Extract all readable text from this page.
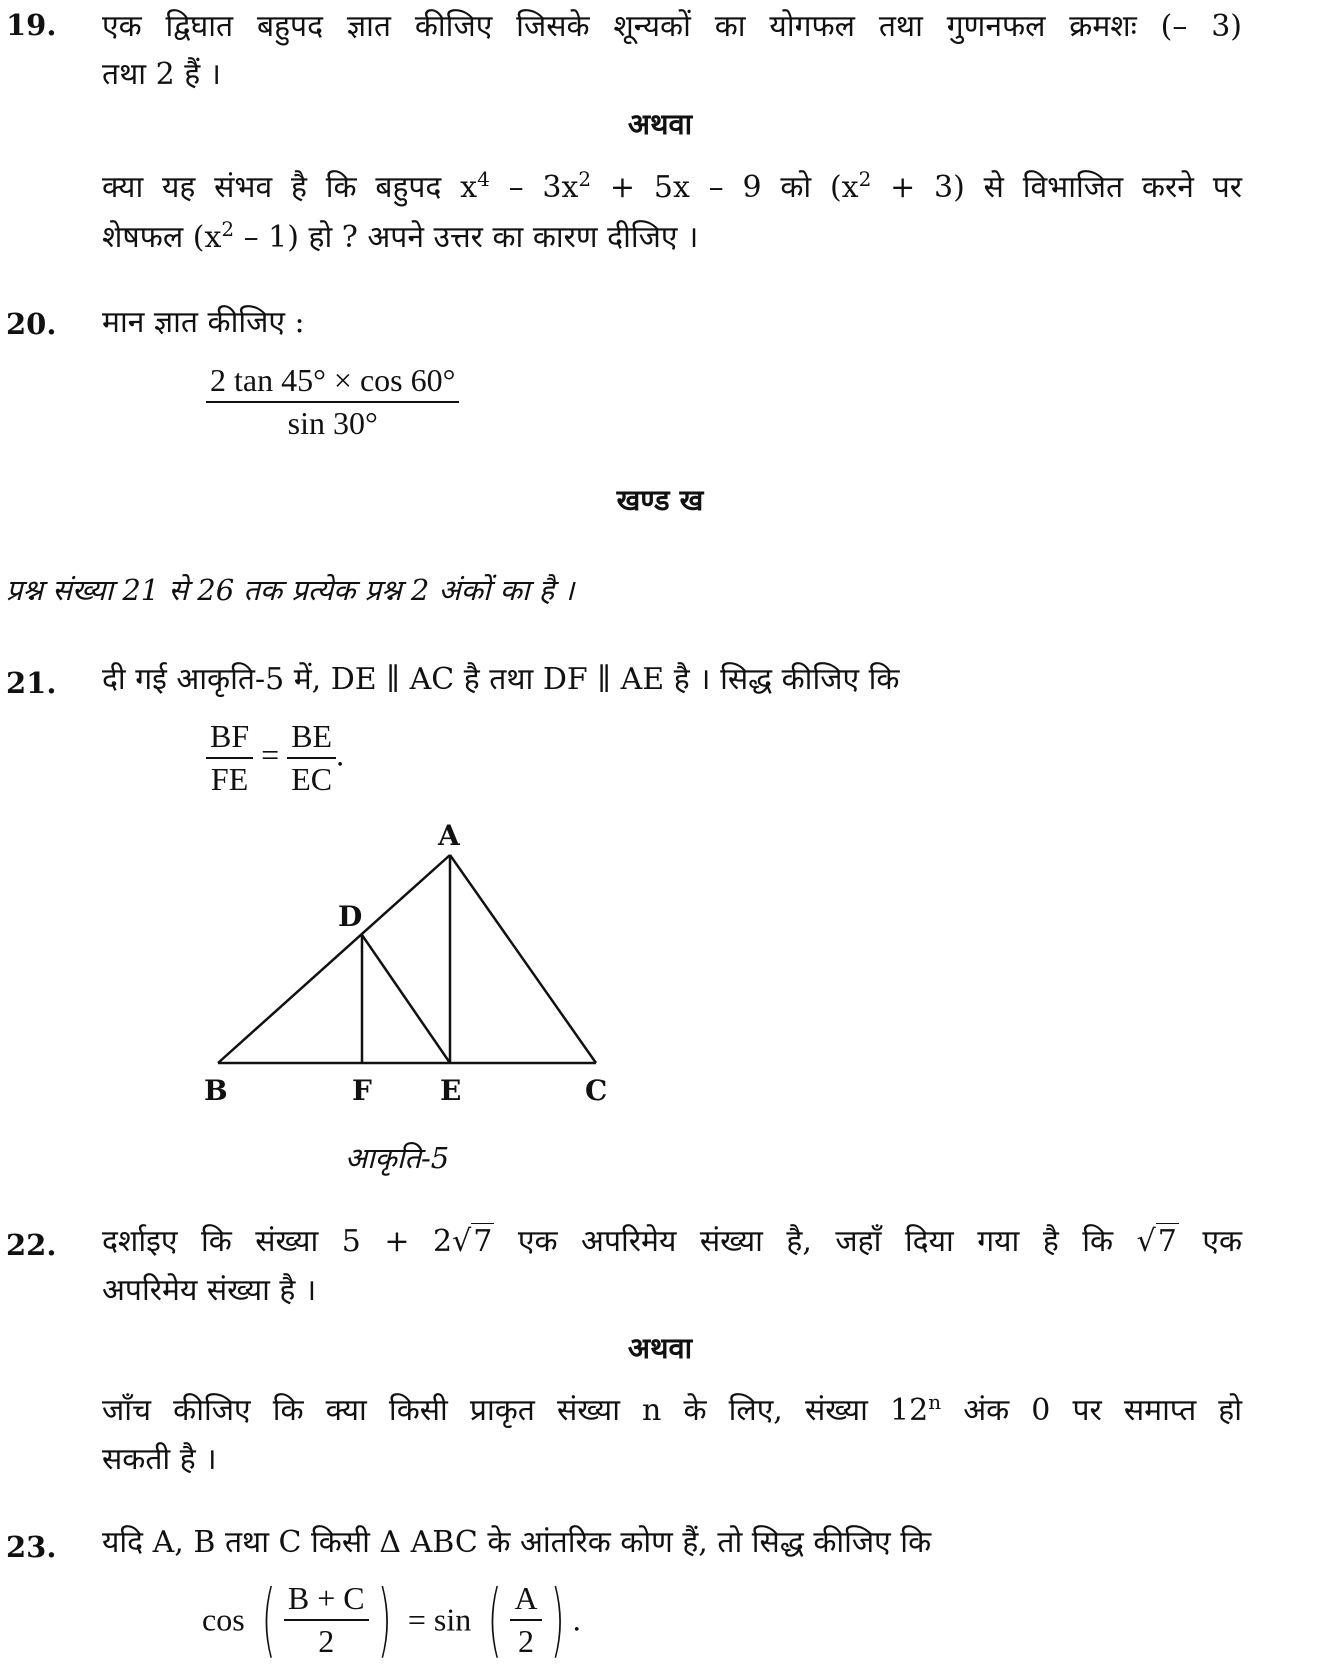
19. एक द्विघात बहुपद ज्ञात कीजिए जिसके शून्यकों का योगफल तथा गुणनफल क्रमशः (– 3)
तथा 2 हैं ।
अथवा
क्या यह संभव है कि बहुपद $x^4 - 3x^2 + 5x - 9$ को $(x^2 + 3)$ से विभाजित करने पर
शेषफल $(x^2 - 1)$ हो ? अपने उत्तर का कारण दीजिए ।
20. मान ज्ञात कीजिए :
$\frac{2 \tan 45^\circ \times \cos 60^\circ}{\sin 30^\circ}$
खण्ड ख
प्रश्न संख्या 21 से 26 तक प्रत्येक प्रश्न 2 अंकों का है ।
21. दी गई आकृति-5 में, DE ∥ AC है तथा DF ∥ AE है । सिद्ध कीजिए कि
$\frac{BF}{FE} = \frac{BE}{EC}$ .
A
D
B	F E	C
आकृति-5
22. दर्शाइए कि संख्या 5 + 2√7 एक अपरिमेय संख्या है, जहाँ दिया गया है कि √7 एक
अपरिमेय संख्या है ।
अथवा
जाँच कीजिए कि क्या किसी प्राकृत संख्या n के लिए, संख्या 12$^n$ अंक 0 पर समाप्त हो
सकती है ।
23. यदि A, B तथा C किसी Δ ABC के आंतरिक कोण हैं, तो सिद्ध कीजिए कि
cos ( $\frac{B + C}{2}$ ) = sin ( $\frac{A}{2}$ ) .
